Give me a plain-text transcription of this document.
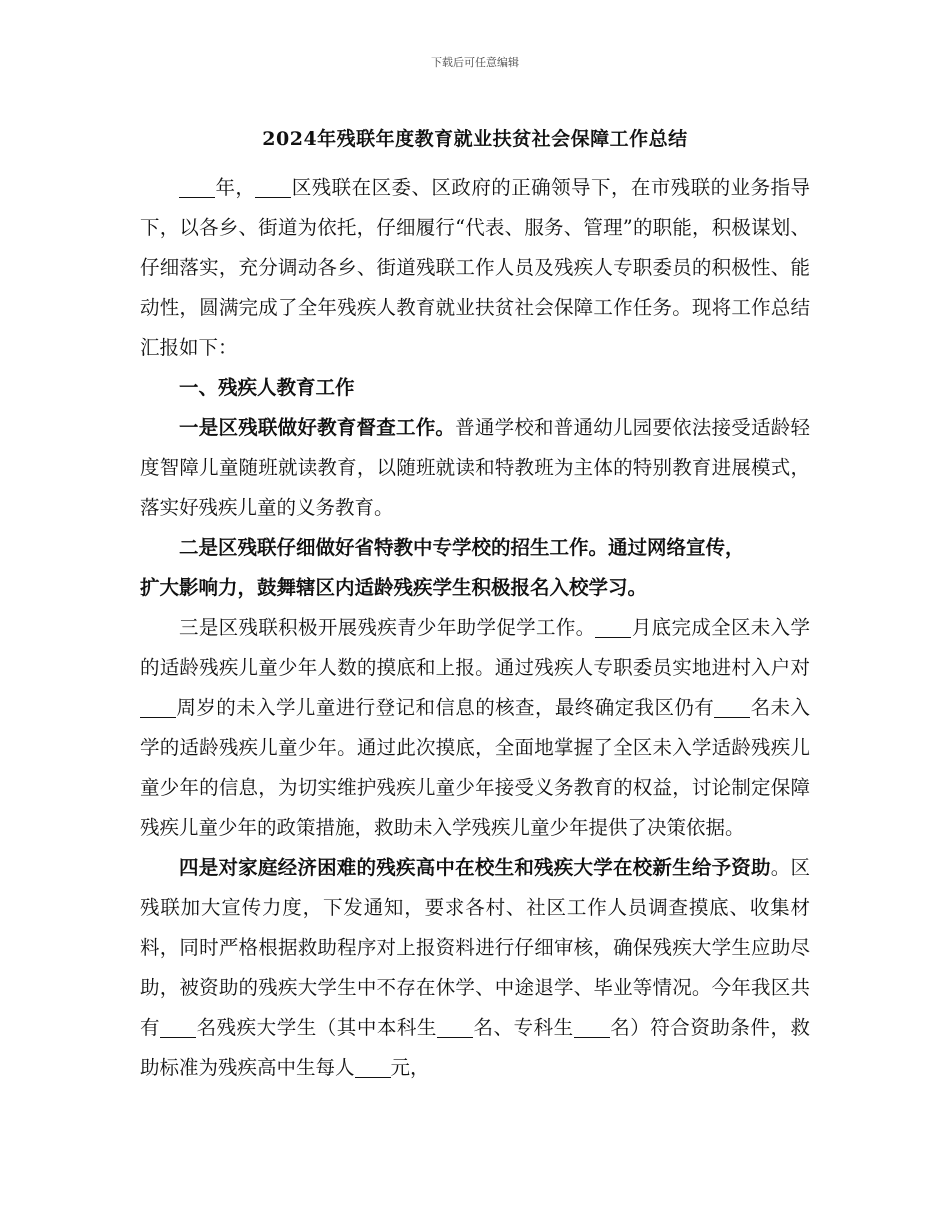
下载后可任意编辑
2024年残联年度教育就业扶贫社会保障工作总结

年， 区残联在区委、区政府的正确领导下，在市残联的业务指导下，以各乡、街道为依托，仔细履行“代表、服务、管理”的职能，积极谋划、仔细落实，充分调动各乡、街道残联工作人员及残疾人专职委员的积极性、能动性，圆满完成了全年残疾人教育就业扶贫社会保障工作任务。现将工作总结汇报如下：

一、残疾人教育工作

一是区残联做好教育督查工作。普通学校和普通幼儿园要依法接受适龄轻度智障儿童随班就读教育，以随班就读和特教班为主体的特别教育进展模式，落实好残疾儿童的义务教育。

二是区残联仔细做好省特教中专学校的招生工作。通过网络宣传，

扩大影响力，鼓舞辖区内适龄残疾学生积极报名入校学习。

三是区残联积极开展残疾青少年助学促学工作。 月底完成全区未入学的适龄残疾儿童少年人数的摸底和上报。通过残疾人专职委员实地进村入户对周岁的未入学儿童进行登记和信息的核查，最终确定我区仍有 名未入学的适龄残疾儿童少年。通过此次摸底，全面地掌握了全区未入学适龄残疾儿童少年的信息，为切实维护残疾儿童少年接受义务教育的权益，讨论制定保障残疾儿童少年的政策措施，救助未入学残疾儿童少年提供了决策依据。

四是对家庭经济困难的残疾高中在校生和残疾大学在校新生给予资助。区残联加大宣传力度，下发通知，要求各村、社区工作人员调查摸底、收集材料，同时严格根据救助程序对上报资料进行仔细审核，确保残疾大学生应助尽助，被资助的残疾大学生中不存在休学、中途退学、毕业等情况。今年我区共有 名残疾大学生（其中本科生 名、专科生 名）符合资助条件，救助标准为残疾高中生每人 元，
